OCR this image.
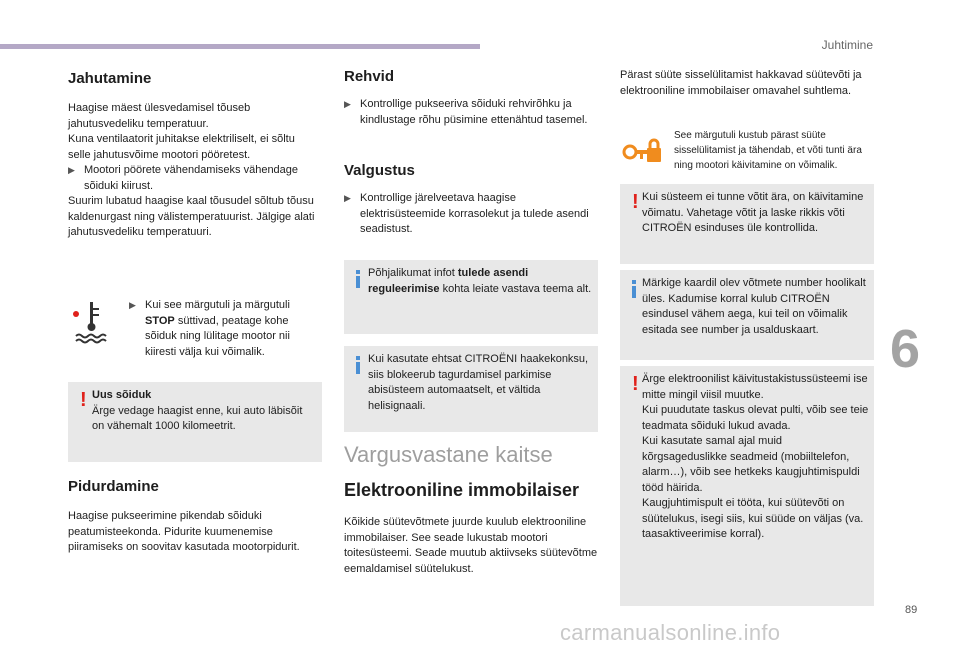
Juhtimine
6
89
carmanualsonline.info
Jahutamine

Haagise mäest ülesvedamisel tõuseb jahutusvedeliku temperatuur.

Kuna ventilaatorit juhitakse elektriliselt, ei sõltu selle jahutusvõime mootori pööretest.

▶ Mootori pöörete vähendamiseks vähendage sõiduki kiirust.

Suurim lubatud haagise kaal tõusudel sõltub tõusu kaldenurgast ning välistemperatuurist. Jälgige alati jahutusvedeliku temperatuuri.

▶ Kui see märgutuli ja märgutuli STOP süttivad, peatage kohe sõiduk ning lülitage mootor nii kiiresti välja kui võimalik.
! Uus sõiduk

Ärge vedage haagist enne, kui auto läbisõit on vähemalt 1000 kilomeetrit.

Pidurdamine

Haagise pukseerimine pikendab sõiduki peatumisteekonda. Pidurite kuumenemise piiramiseks on soovitav kasutada mootorpidurit.

Rehvid
▶ Kontrollige pukseeriva sõiduki rehvirõhku ja kindlustage rõhu püsimine ettenähtud tasemel.
Valgustus
▶ Kontrollige järelveetava haagise elektrisüsteemide korrasolekut ja tulede asendi seadistust.

Põhjalikumat infot tulede asendi reguleerimise kohta leiate vastava teema alt.

Kui kasutate ehtsat CITROËNI haakekonksu, siis blokeerub tagurdamisel parkimise abisüsteem automaatselt, et vältida helisignaali.

Vargusvastane kaitse

Elektrooniline immobilaiser

Kõikide süütevõtmete juurde kuulub elektrooniline immobilaiser. See seade lukustab mootori toitesüsteemi. Seade muutub aktiivseks süütevõtme eemaldamisel süütelukust.

Pärast süüte sisselülitamist hakkavad süütevõti ja elektrooniline immobilaiser omavahel suhtlema.

See märgutuli kustub pärast süüte sisselülitamist ja tähendab, et võti tunti ära ning mootori käivitamine on võimalik.

! Kui süsteem ei tunne võtit ära, on käivitamine võimatu. Vahetage võtit ja laske rikkis võti CITROËN esinduses üle kontrollida.

Märkige kaardil olev võtmete number hoolikalt üles. Kadumise korral kulub CITROËN esindusel vähem aega, kui teil on võimalik esitada see number ja usalduskaart.

! Ärge elektroonilist käivitustakistussüsteemi ise mitte mingil viisil muutke.

Kui puudutate taskus olevat pulti, võib see teie teadmata sõiduki lukud avada.

Kui kasutate samal ajal muid kõrgsageduslikke seadmeid (mobiiltelefon, alarm…), võib see hetkeks kaugjuhtimispuldi tööd häirida.

Kaugjuhtimispult ei tööta, kui süütevõti on süütelukus, isegi siis, kui süüde on väljas (va. taasaktiveerimise korral).
